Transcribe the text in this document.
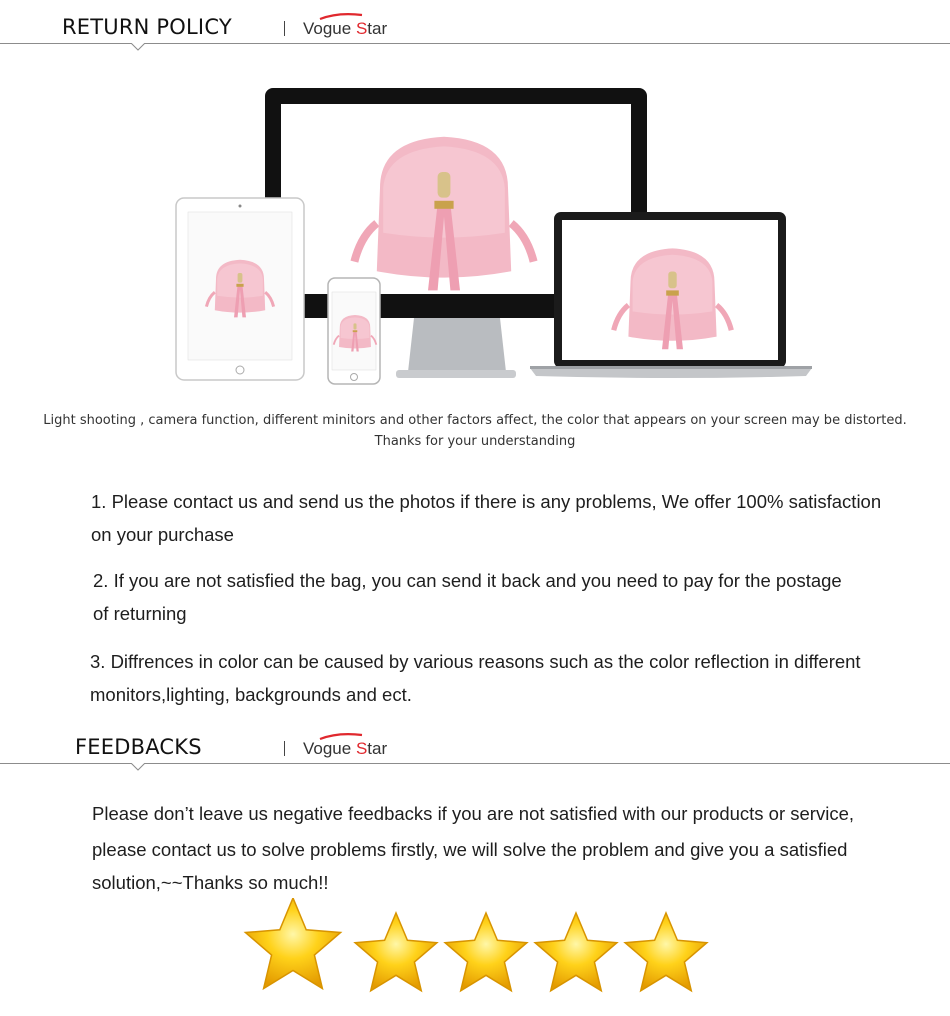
RETURN POLICY	Vogue Star
Light shooting , camera function, different minitors and other factors affect, the color that appears on your screen may be distorted.
Thanks for your understanding
1. Please contact us and send us the photos if there is any problems, We offer 100% satisfaction
on your purchase
2. If you are not satisfied the bag, you can send it back and you need to pay for the postage
of returning
3. Diffrences in color can be caused by various reasons such as the color reflection in different
monitors,lighting, backgrounds and ect.
FEEDBACKS	Vogue Star
Please don’t leave us negative feedbacks if you are not satisfied with our products or service,
please contact us to solve problems firstly, we will solve the problem and give you a satisfied
solution,~~Thanks so much!!
